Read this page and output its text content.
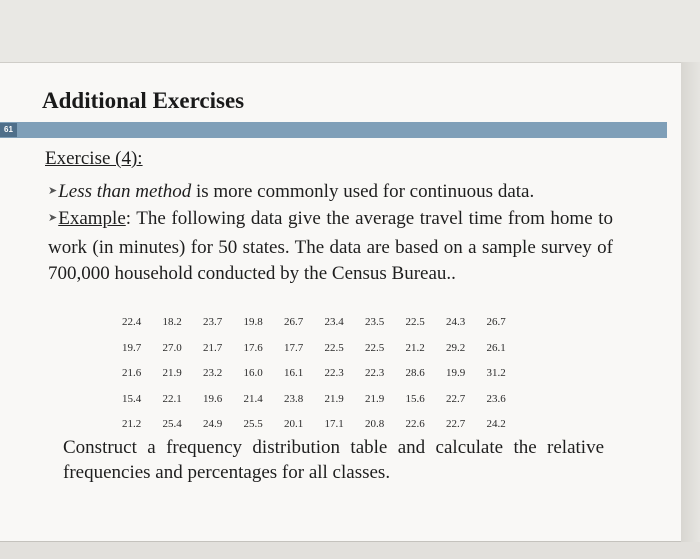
Additional Exercises
61
Exercise (4):

➤Less than method is more commonly used for continuous data.

➤Example: The following data give the average travel time from home to work (in minutes) for 50 states. The data are based on a sample survey of 700,000 household conducted by the Census Bureau..

22.4	18.2	23.7	19.8	26.7	23.4	23.5	22.5	24.3	26.7
19.7	27.0	21.7	17.6	17.7	22.5	22.5	21.2	29.2	26.1
21.6	21.9	23.2	16.0	16.1	22.3	22.3	28.6	19.9	31.2
15.4	22.1	19.6	21.4	23.8	21.9	21.9	15.6	22.7	23.6
21.2	25.4	24.9	25.5	20.1	17.1	20.8	22.6	22.7	24.2

Construct a frequency distribution table and calculate the relative frequencies and percentages for all classes.
